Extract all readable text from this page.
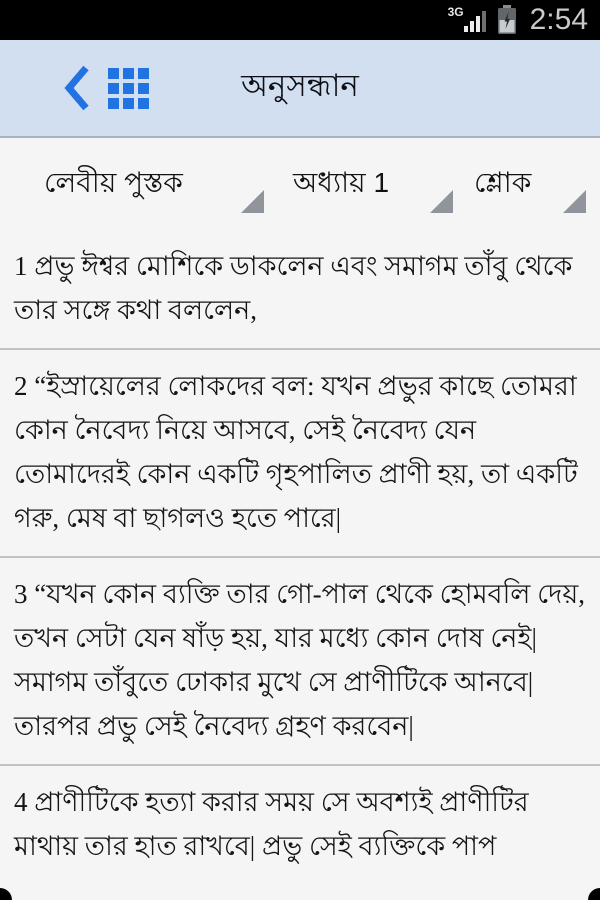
3G 2:54
অনুসন্ধান
লেবীয় পুস্তক	অধ্যায় 1	শ্লোক

1 প্রভু ঈশ্বর মোশিকে ডাকলেন এবং সমাগম তাঁবু থেকে তার সঙ্গে কথা বললেন,

2 “ইস্রায়েলের লোকদের বল: যখন প্রভুর কাছে তোমরা কোন নৈবেদ্য নিয়ে আসবে, সেই নৈবেদ্য যেন তোমাদেরই কোন একটি গৃহপালিত প্রাণী হয়, তা একটি গরু, মেষ বা ছাগলও হতে পারে|

3 “যখন কোন ব্যক্তি তার গো-পাল থেকে হোমবলি দেয়, তখন সেটা যেন ষাঁড় হয়, যার মধ্যে কোন দোষ নেই| সমাগম তাঁবুতে ঢোকার মুখে সে প্রাণীটিকে আনবে| তারপর প্রভু সেই নৈবেদ্য গ্রহণ করবেন|

4 প্রাণীটিকে হত্যা করার সময় সে অবশ্যই প্রাণীটির মাথায় তার হাত রাখবে| প্রভু সেই ব্যক্তিকে পাপ
